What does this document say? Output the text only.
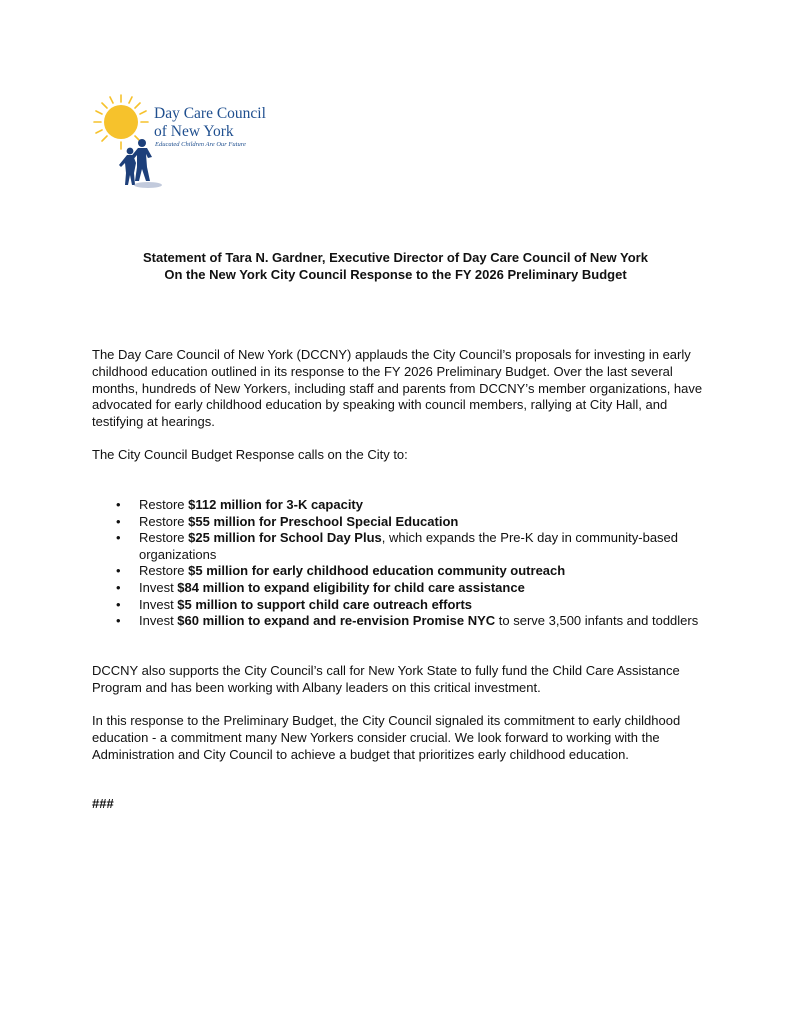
Day Care Council
of New York
Educated Children Are Our Future
Statement of Tara N. Gardner, Executive Director of Day Care Council of New York
On the New York City Council Response to the FY 2026 Preliminary Budget

The Day Care Council of New York (DCCNY) applauds the City Council’s proposals for investing in early childhood education outlined in its response to the FY 2026 Preliminary Budget. Over the last several months, hundreds of New Yorkers, including staff and parents from DCCNY’s member organizations, have advocated for early childhood education by speaking with council members, rallying at City Hall, and testifying at hearings.

The City Council Budget Response calls on the City to:

• Restore $112 million for 3-K capacity
• Restore $55 million for Preschool Special Education
• Restore $25 million for School Day Plus, which expands the Pre-K day in community-based organizations
• Restore $5 million for early childhood education community outreach
• Invest $84 million to expand eligibility for child care assistance
• Invest $5 million to support child care outreach efforts
• Invest $60 million to expand and re-envision Promise NYC to serve 3,500 infants and toddlers

DCCNY also supports the City Council’s call for New York State to fully fund the Child Care Assistance Program and has been working with Albany leaders on this critical investment.

In this response to the Preliminary Budget, the City Council signaled its commitment to early childhood education - a commitment many New Yorkers consider crucial. We look forward to working with the Administration and City Council to achieve a budget that prioritizes early childhood education.

###
